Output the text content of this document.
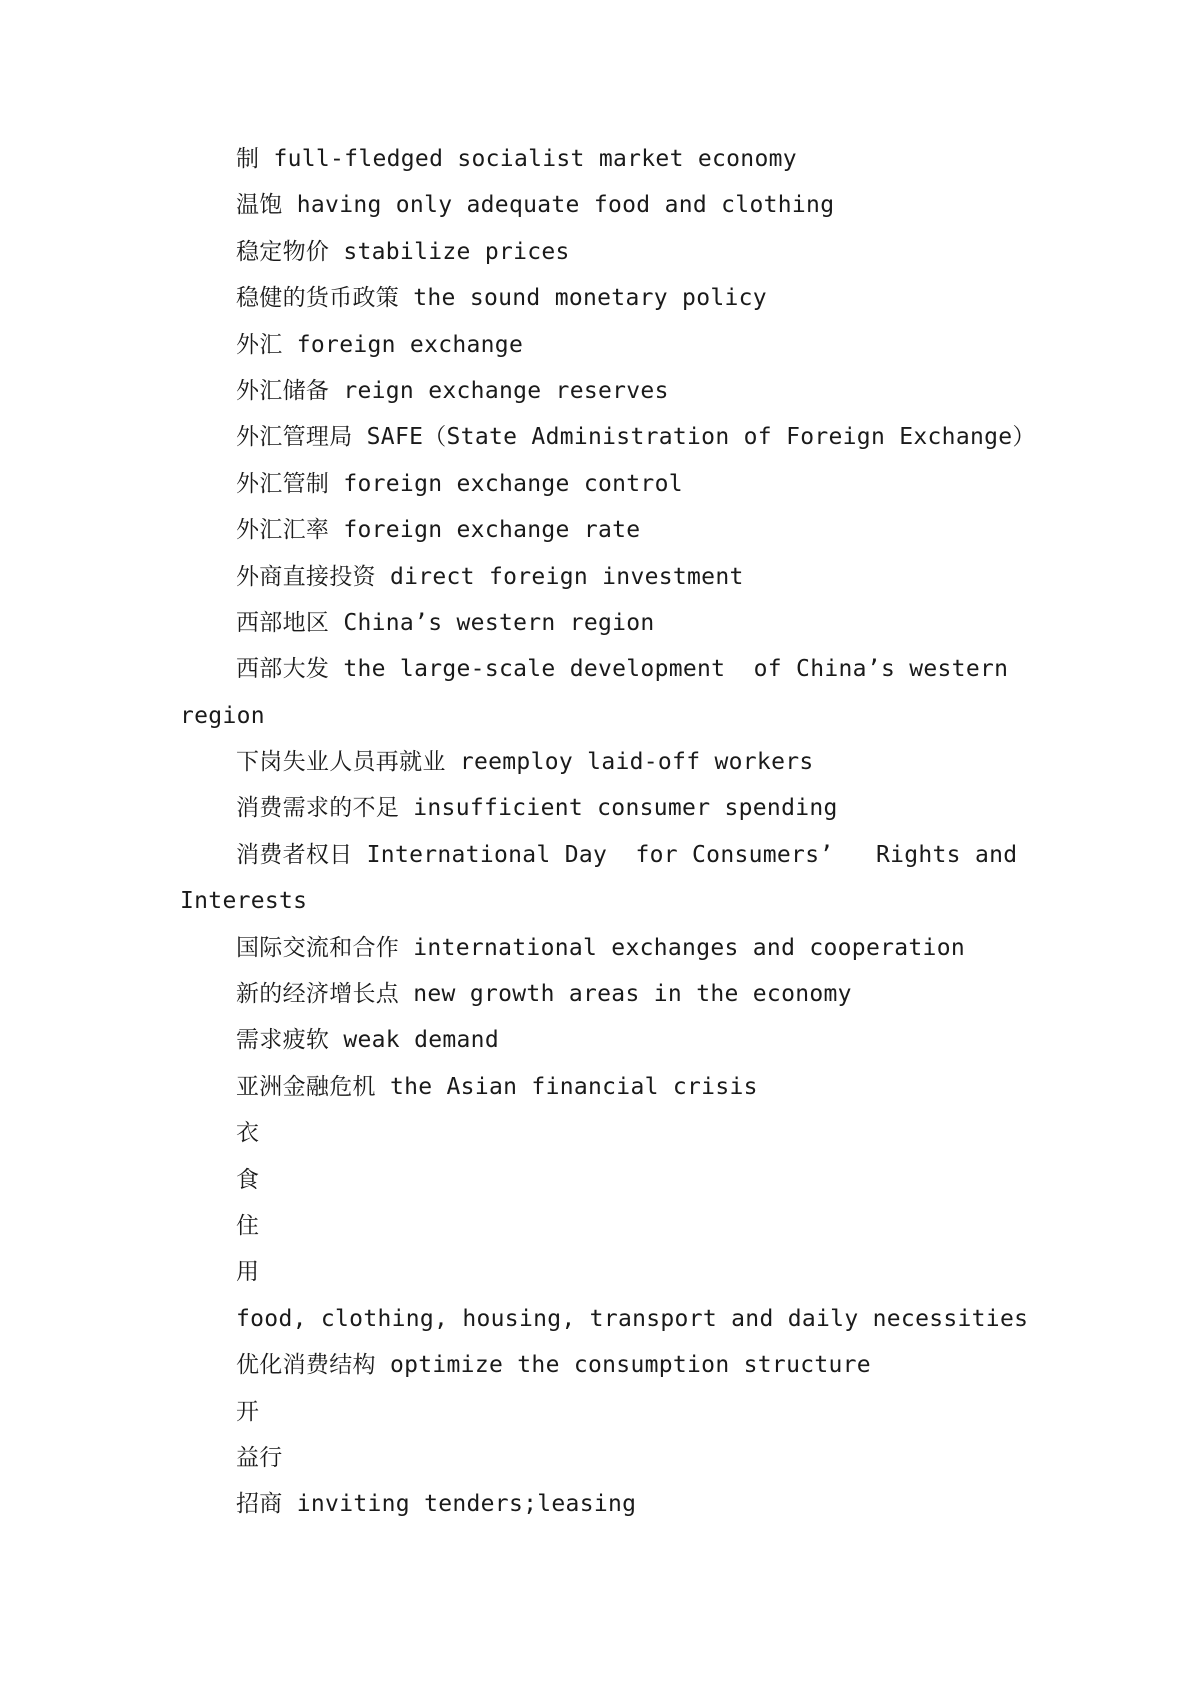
制 full-fledged socialist market economy
温饱 having only adequate food and clothing
稳定物价 stabilize prices
稳健的货币政策 the sound monetary policy
外汇 foreign exchange
外汇储备 reign exchange reserves
外汇管理局 SAFE（State Administration of Foreign Exchange）
外汇管制 foreign exchange control
外汇汇率 foreign exchange rate
外商直接投资 direct foreign investment
西部地区 China’s western region
西部大发 the large-scale development  of China’s western
region
下岗失业人员再就业 reemploy laid-off workers
消费需求的不足 insufficient consumer spending
消费者权日 International Day  for Consumers’   Rights and
Interests
国际交流和合作 international exchanges and cooperation
新的经济增长点 new growth areas in the economy
需求疲软 weak demand
亚洲金融危机 the Asian financial crisis
衣
食
住
用
food, clothing, housing, transport and daily necessities
优化消费结构 optimize the consumption structure
开
益行
招商 inviting tenders;leasing
